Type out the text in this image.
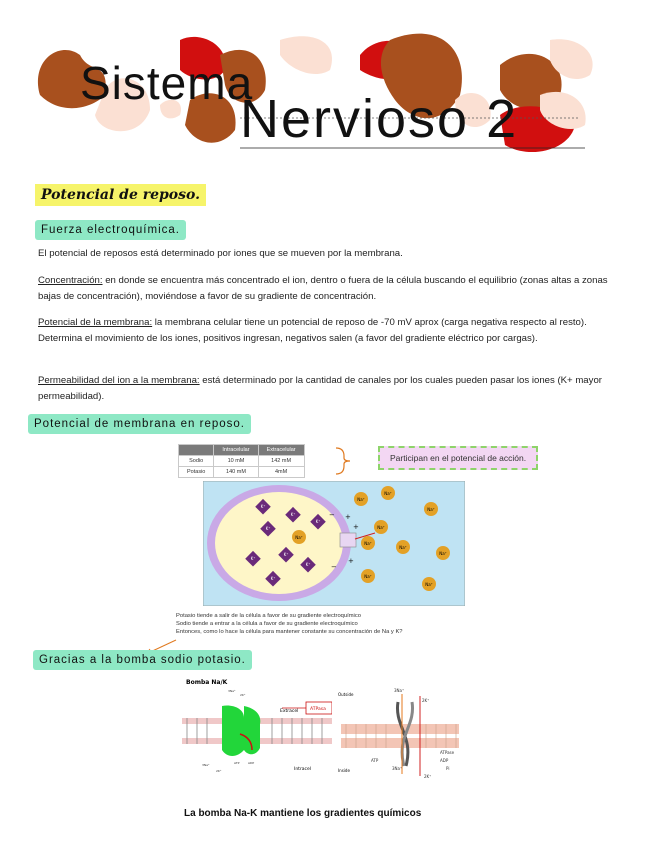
Sistema
Nervioso 2
Potencial de reposo.
Fuerza electroquímica.
El potencial de reposos está determinado por iones que se mueven por la membrana.
Concentración: en donde se encuentra más concentrado el ion, dentro o fuera de la célula buscando el equilibrio (zonas altas a zonas bajas de concentración), moviéndose a favor de su gradiente de concentración.
Potencial de la membrana: la membrana celular tiene un potencial de reposo de -70 mV aprox (carga negativa respecto al resto). Determina el movimiento de los iones, positivos ingresan, negativos salen (a favor del gradiente eléctrico por cargas).
Permeabilidad del ion a la membrana: está determinado por la cantidad de canales por los cuales pueden pasar los iones (K+ mayor permeabilidad).
Potencial de membrana en reposo.
	Intracelular	Extracelular
Sodio	10 mM	142 mM
Potasio	140 mM	4mM
Participan en el potencial de acción.
Na⁺
Na⁺
Na⁺
Na⁺
Na⁺
Na⁺
Na⁺
Na⁺
Na⁺
Na⁺
K⁺
K⁺
K⁺
K⁺
K⁺
K⁺
K⁺
K⁺
+
+
+
−
−
Potasio tiende a salir de la célula a favor de su gradiente electroquímico
Sodio tiende a entrar a la célula a favor de su gradiente electroquímico
Entonces, como lo hace la célula para mantener constante su concentración de Na y K?
Gracias a la bomba sodio potasio.
Bomba Na/K
Extracel
Intracel
ATPasa
3Na⁺
2K⁺
3Na⁺
2K⁺
ATP	ADP
Outside
Inside
3Na⁺
2K⁺
3Na⁺
2K⁺
ATP	ADP
Pi
ATPase
La bomba Na-K mantiene los gradientes químicos
